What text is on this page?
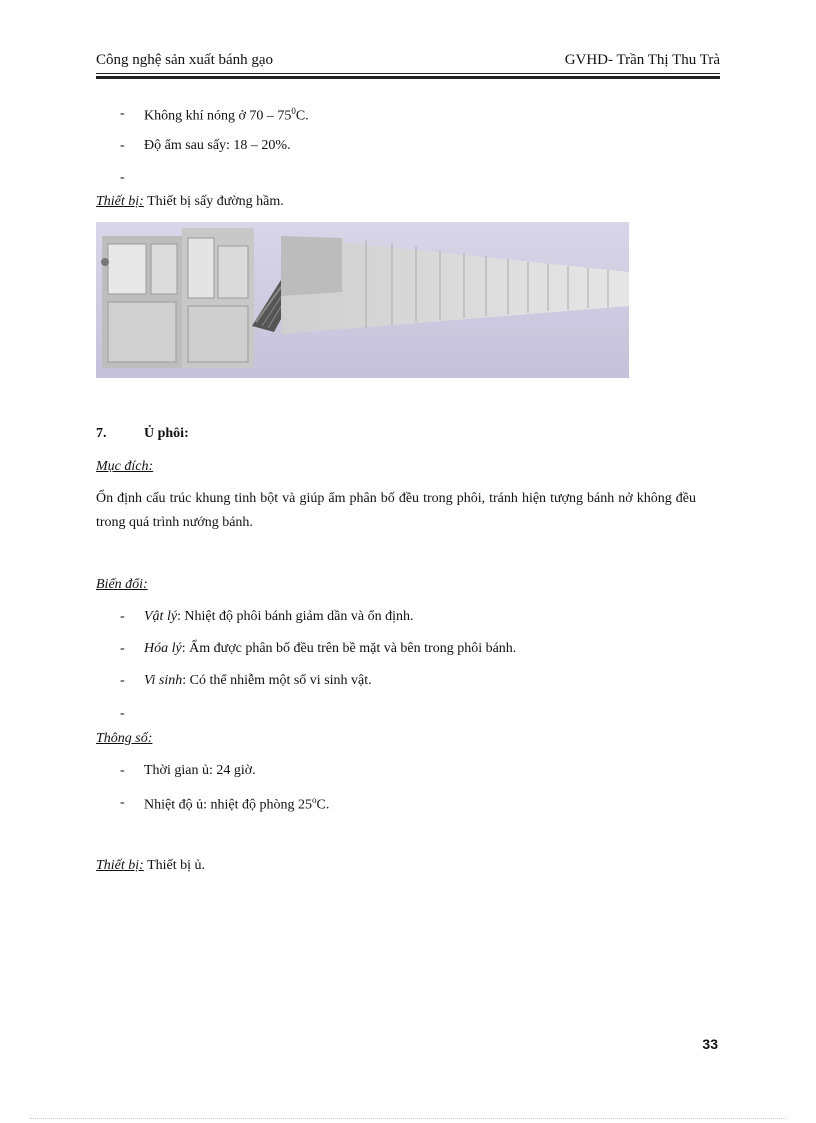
Công nghệ sản xuất bánh gạo	GVHD- Trần Thị Thu Trà
- Không khí nóng ở $70 - 75^0C$.
- Độ ẩm sau sấy: 18 – 20%.
-
Thiết bị: Thiết bị sấy đường hầm.
7.	Ủ phôi:
Mục đích:
Ổn định cấu trúc khung tinh bột và giúp ẩm phân bố đều trong phôi, tránh hiện tượng bánh nở không đều trong quá trình nướng bánh.
Biến đổi:
- Vật lý: Nhiệt độ phôi bánh giảm dần và ổn định.
- Hóa lý: Ẩm được phân bố đều trên bề mặt và bên trong phôi bánh.
- Vi sinh: Có thể nhiễm một số vi sinh vật.
-
Thông số:
- Thời gian ủ: 24 giờ.
- Nhiệt độ ủ: nhiệt độ phòng 25$^o$C.
Thiết bị: Thiết bị ủ.
33
